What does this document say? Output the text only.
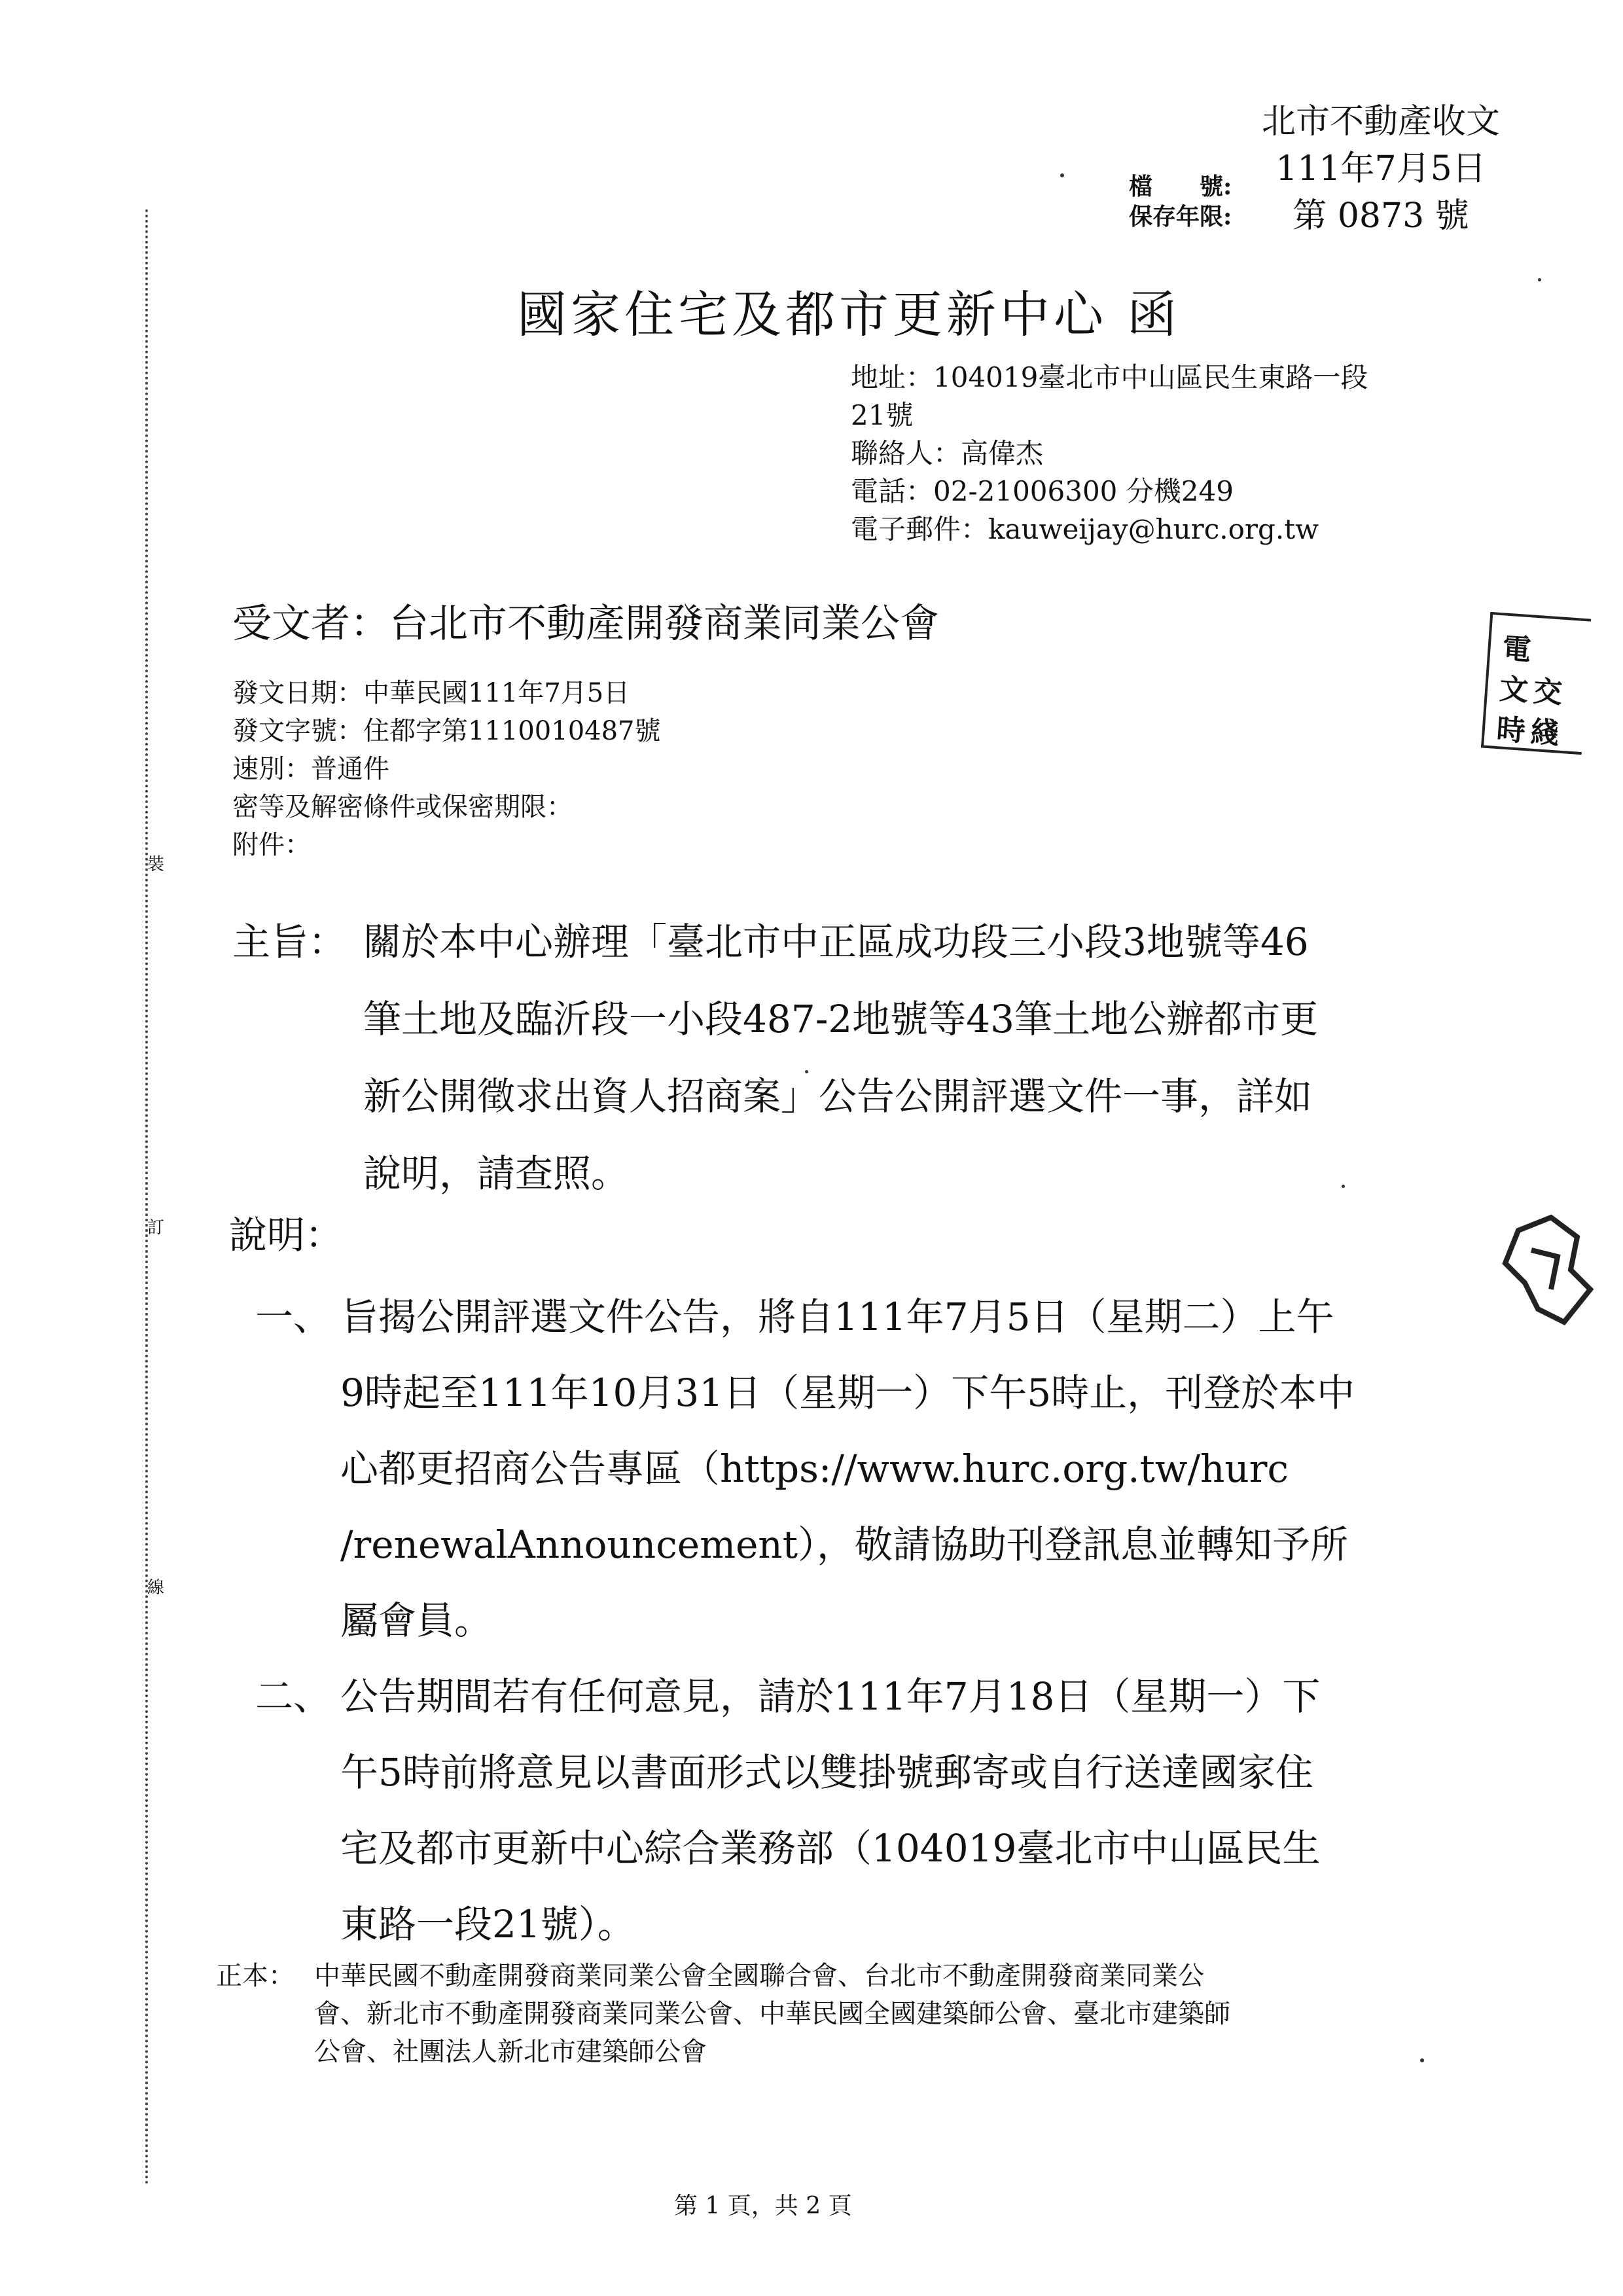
裝
訂
線
北市不動產收文
111年7月5日
第 0873 號
檔　　號:
保存年限:
國家住宅及都市更新中心 函
地址：104019臺北市中山區民生東路一段
21號
聯絡人：高偉杰
電話：02-21006300 分機249
電子郵件：kauweijay@hurc.org.tw
受文者：台北市不動產開發商業同業公會
發文日期：中華民國111年7月5日
發文字號：住都字第1110010487號
速別：普通件
密等及解密條件或保密期限：
附件：
主旨： 關於本中心辦理「臺北市中正區成功段三小段3地號等46
筆土地及臨沂段一小段487-2地號等43筆土地公辦都市更
新公開徵求出資人招商案」公告公開評選文件一事，詳如
說明，請查照。
說明：
一、 旨揭公開評選文件公告，將自111年7月5日（星期二）上午
9時起至111年10月31日（星期一）下午5時止，刊登於本中
心都更招商公告專區（https://www.hurc.org.tw/hurc
/renewalAnnouncement），敬請協助刊登訊息並轉知予所
屬會員。
二、 公告期間若有任何意見，請於111年7月18日（星期一）下
午5時前將意見以書面形式以雙掛號郵寄或自行送達國家住
宅及都市更新中心綜合業務部（104019臺北市中山區民生
東路一段21號）。
正本： 中華民國不動產開發商業同業公會全國聯合會、台北市不動產開發商業同業公
會、新北市不動產開發商業同業公會、中華民國全國建築師公會、臺北市建築師
公會、社團法人新北市建築師公會
電
文 交
時 綫
第 1 頁，共 2 頁
